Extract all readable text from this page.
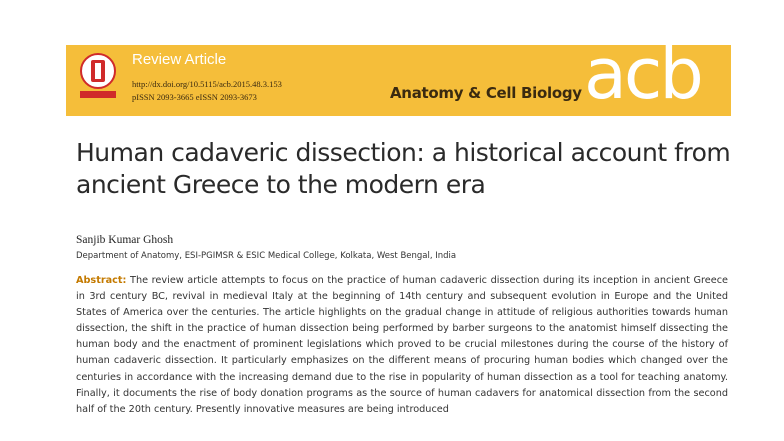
Review Article
http://dx.doi.org/10.5115/acb.2015.48.3.153
pISSN 2093-3665 eISSN 2093-3673	Anatomy & Cell Biology acb
Human cadaveric dissection: a historical account from ancient Greece to the modern era
Sanjib Kumar Ghosh
Department of Anatomy, ESI-PGIMSR & ESIC Medical College, Kolkata, West Bengal, India
Abstract: The review article attempts to focus on the practice of human cadaveric dissection during its inception in ancient Greece in 3rd century BC, revival in medieval Italy at the beginning of 14th century and subsequent evolution in Europe and the United States of America over the centuries. The article highlights on the gradual change in attitude of religious authorities towards human dissection, the shift in the practice of human dissection being performed by barber surgeons to the anatomist himself dissecting the human body and the enactment of prominent legislations which proved to be crucial milestones during the course of the history of human cadaveric dissection. It particularly emphasizes on the different means of procuring human bodies which changed over the centuries in accordance with the increasing demand due to the rise in popularity of human dissection as a tool for teaching anatomy. Finally, it documents the rise of body donation programs as the source of human cadavers for anatomical dissection from the second half of the 20th century. Presently innovative measures are being introduced
